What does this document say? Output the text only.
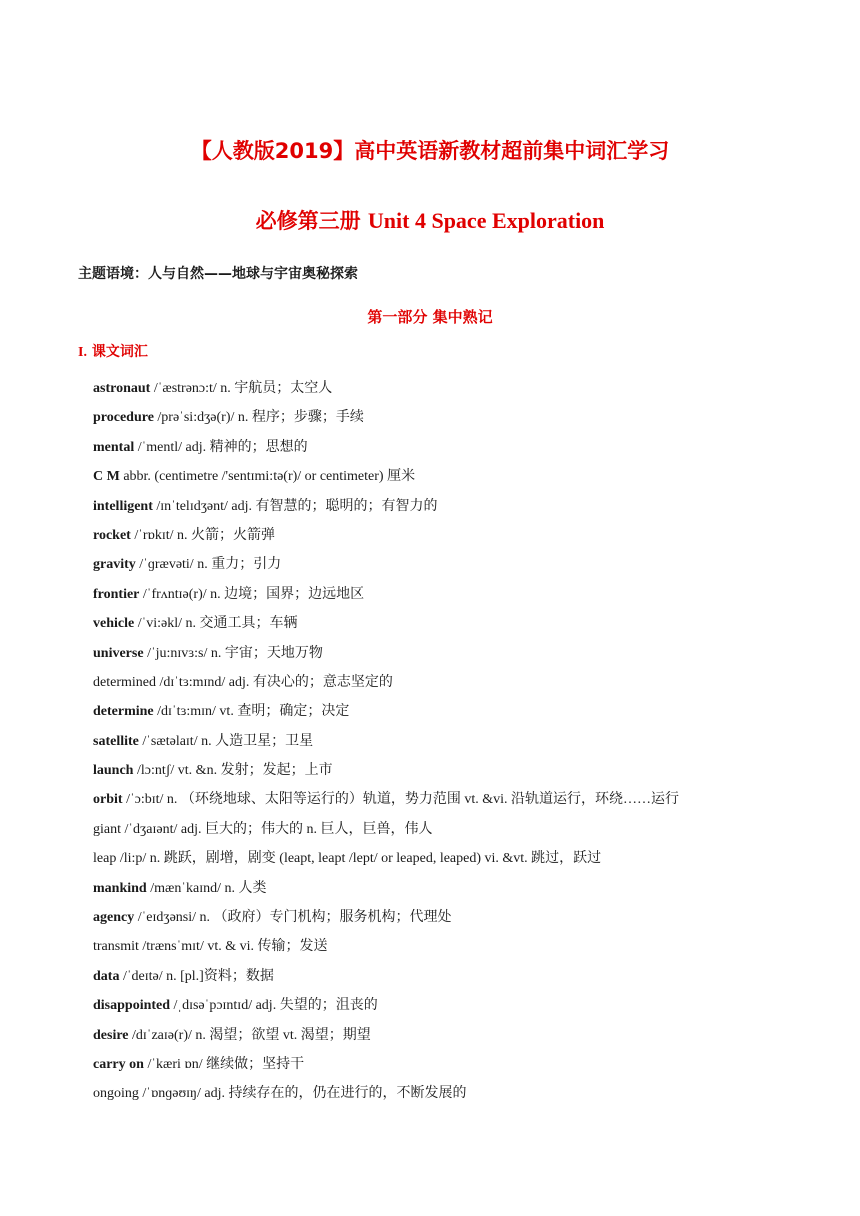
【人教版2019】高中英语新教材超前集中词汇学习
必修第三册 Unit 4 Space Exploration
主题语境：人与自然——地球与宇宙奥秘探索
第一部分 集中熟记
I. 课文词汇
astronaut /ˈæstrənɔ:t/ n. 宇航员；太空人
procedure /prəˈsi:dʒə(r)/ n. 程序；步骤；手续
mental /ˈmentl/ adj. 精神的；思想的
C M abbr. (centimetre /'sentɪmi:tə(r)/ or centimeter) 厘米
intelligent /ɪnˈtelɪdʒənt/ adj. 有智慧的；聪明的；有智力的
rocket /ˈrɒkɪt/ n. 火箭；火箭弹
gravity /ˈɡrævəti/ n. 重力；引力
frontier /ˈfrʌntɪə(r)/ n. 边境；国界；边远地区
vehicle /ˈvi:əkl/ n. 交通工具；车辆
universe /ˈju:nɪvɜ:s/ n. 宇宙；天地万物
determined /dɪˈtɜ:mɪnd/ adj. 有决心的；意志坚定的
determine /dɪˈtɜ:mɪn/ vt. 查明；确定；决定
satellite /ˈsætəlaɪt/ n. 人造卫星；卫星
launch /lɔ:ntʃ/ vt. &n. 发射；发起；上市
orbit /ˈɔ:bɪt/ n. （环绕地球、太阳等运行的）轨道，势力范围 vt. &vi. 沿轨道运行，环绕……运行
giant /ˈdʒaɪənt/ adj. 巨大的；伟大的 n. 巨人，巨兽，伟人
leap /li:p/ n. 跳跃，剧增，剧变 (leapt, leapt /lept/ or leaped, leaped) vi. &vt. 跳过，跃过
mankind /mænˈkaɪnd/ n. 人类
agency /ˈeɪdʒənsi/ n. （政府）专门机构；服务机构；代理处
transmit /trænsˈmɪt/ vt. & vi. 传输；发送
data /ˈdeɪtə/ n. [pl.]资料；数据
disappointed /ˌdɪsəˈpɔɪntɪd/ adj. 失望的；沮丧的
desire /dɪˈzaɪə(r)/ n. 渴望；欲望 vt. 渴望；期望
carry on /ˈkæri ɒn/ 继续做；坚持干
ongoing /ˈɒnɡəʊɪŋ/ adj. 持续存在的，仍在进行的，不断发展的
